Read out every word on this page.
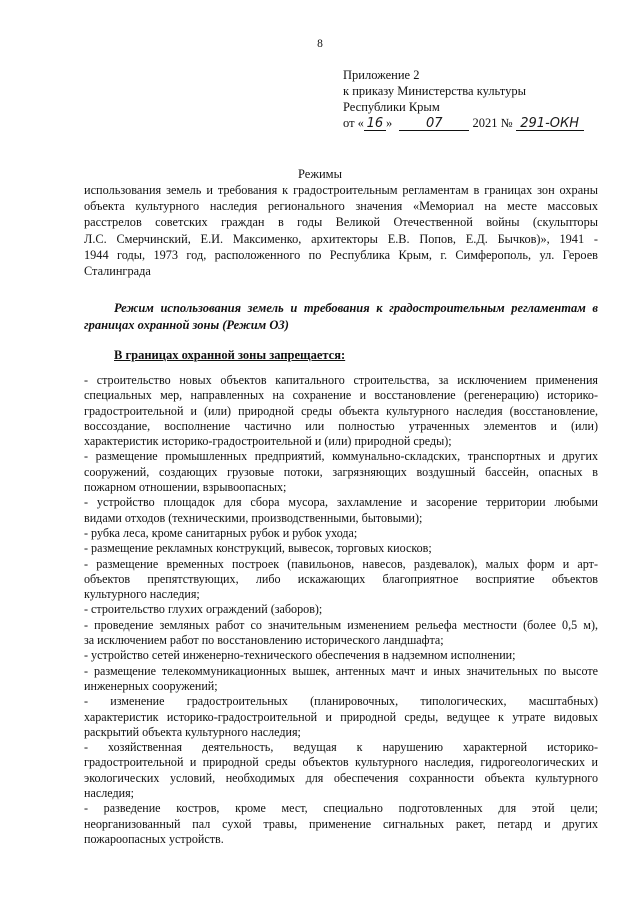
8
Приложение 2
к приказу Министерства культуры
Республики Крым
от « 16 »	07 2021 № 291-ОКН
Режимы
использования земель и требования к градостроительным регламентам в границах зон охраны
объекта культурного наследия регионального значения «Мемориал на месте массовых
расстрелов советских граждан в годы Великой Отечественной войны (скульпторы
Л.С. Смерчинский, Е.И. Максименко, архитекторы Е.В. Попов, Е.Д. Бычков)», 1941 -
1944 годы, 1973 год, расположенного по Республика Крым, г. Симферополь, ул. Героев
Сталинграда
Режим использования земель и требования к градостроительным регламентам в
границах охранной зоны (Режим ОЗ)
В границах охранной зоны запрещается:
- строительство новых объектов капитального строительства, за исключением применения
специальных мер, направленных на сохранение и восстановление (регенерацию) историко-
градостроительной и (или) природной среды объекта культурного наследия (восстановление,
воссоздание, восполнение частично или полностью утраченных элементов и (или)
характеристик историко-градостроительной и (или) природной среды);
- размещение промышленных предприятий, коммунально-складских, транспортных и других
сооружений, создающих грузовые потоки, загрязняющих воздушный бассейн, опасных в
пожарном отношении, взрывоопасных;
- устройство площадок для сбора мусора, захламление и засорение территории любыми
видами отходов (техническими, производственными, бытовыми);
- рубка леса, кроме санитарных рубок и рубок ухода;
- размещение рекламных конструкций, вывесок, торговых киосков;
- размещение временных построек (павильонов, навесов, раздевалок), малых форм и арт-
объектов препятствующих, либо искажающих благоприятное восприятие объектов
культурного наследия;
- строительство глухих ограждений (заборов);
- проведение земляных работ со значительным изменением рельефа местности (более 0,5 м),
за исключением работ по восстановлению исторического ландшафта;
- устройство сетей инженерно-технического обеспечения в надземном исполнении;
- размещение телекоммуникационных вышек, антенных мачт и иных значительных по высоте
инженерных сооружений;
- изменение градостроительных (планировочных, типологических, масштабных)
характеристик историко-градостроительной и природной среды, ведущее к утрате видовых
раскрытий объекта культурного наследия;
- хозяйственная деятельность, ведущая к нарушению характерной историко-
градостроительной и природной среды объектов культурного наследия, гидрогеологических и
экологических условий, необходимых для обеспечения сохранности объекта культурного
наследия;
- разведение костров, кроме мест, специально подготовленных для этой цели;
неорганизованный пал сухой травы, применение сигнальных ракет, петард и других
пожароопасных устройств.
